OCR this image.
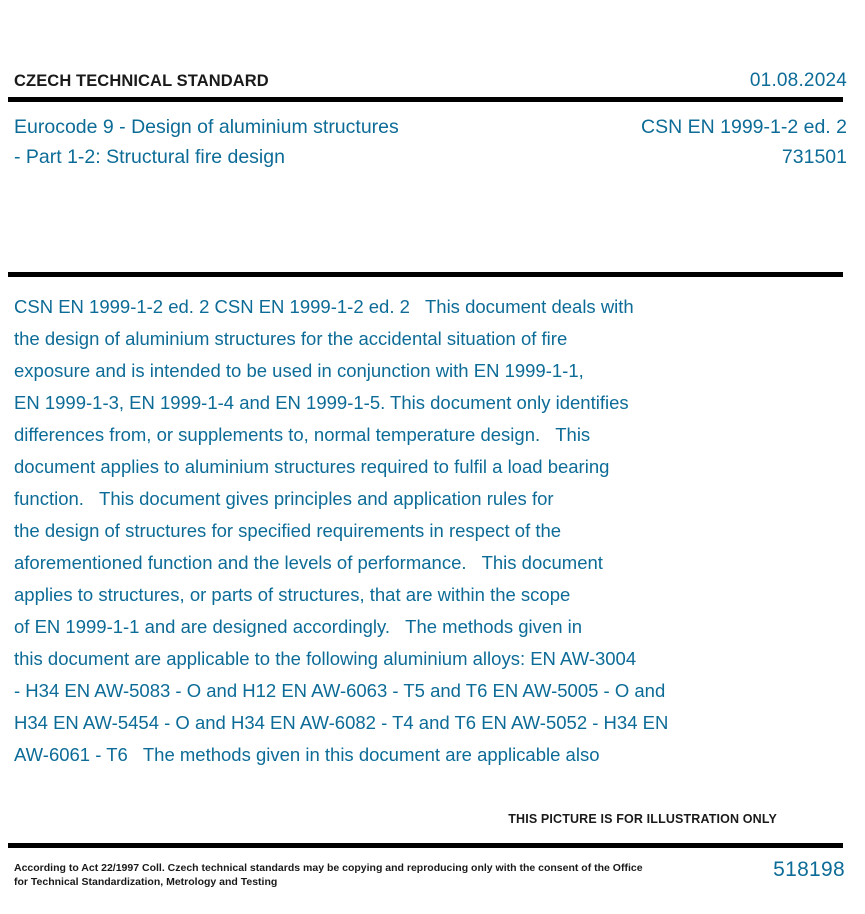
CZECH TECHNICAL STANDARD	01.08.2024
Eurocode 9 - Design of aluminium structures
- Part 1-2: Structural fire design
CSN EN 1999-1-2 ed. 2
731501
CSN EN 1999-1-2 ed. 2 CSN EN 1999-1-2 ed. 2   This document deals with
the design of aluminium structures for the accidental situation of fire
exposure and is intended to be used in conjunction with EN 1999-1-1,
EN 1999-1-3, EN 1999-1-4 and EN 1999-1-5. This document only identifies
differences from, or supplements to, normal temperature design.   This
document applies to aluminium structures required to fulfil a load bearing
function.   This document gives principles and application rules for
the design of structures for specified requirements in respect of the
aforementioned function and the levels of performance.   This document
applies to structures, or parts of structures, that are within the scope
of EN 1999-1-1 and are designed accordingly.   The methods given in
this document are applicable to the following aluminium alloys: EN AW-3004
- H34 EN AW-5083 - O and H12 EN AW-6063 - T5 and T6 EN AW-5005 - O and
H34 EN AW-5454 - O and H34 EN AW-6082 - T4 and T6 EN AW-5052 - H34 EN
AW-6061 - T6   The methods given in this document are applicable also
THIS PICTURE IS FOR ILLUSTRATION ONLY
According to Act 22/1997 Coll. Czech technical standards may be copying and reproducing only with the consent of the Office
for Technical Standardization, Metrology and Testing
518198
